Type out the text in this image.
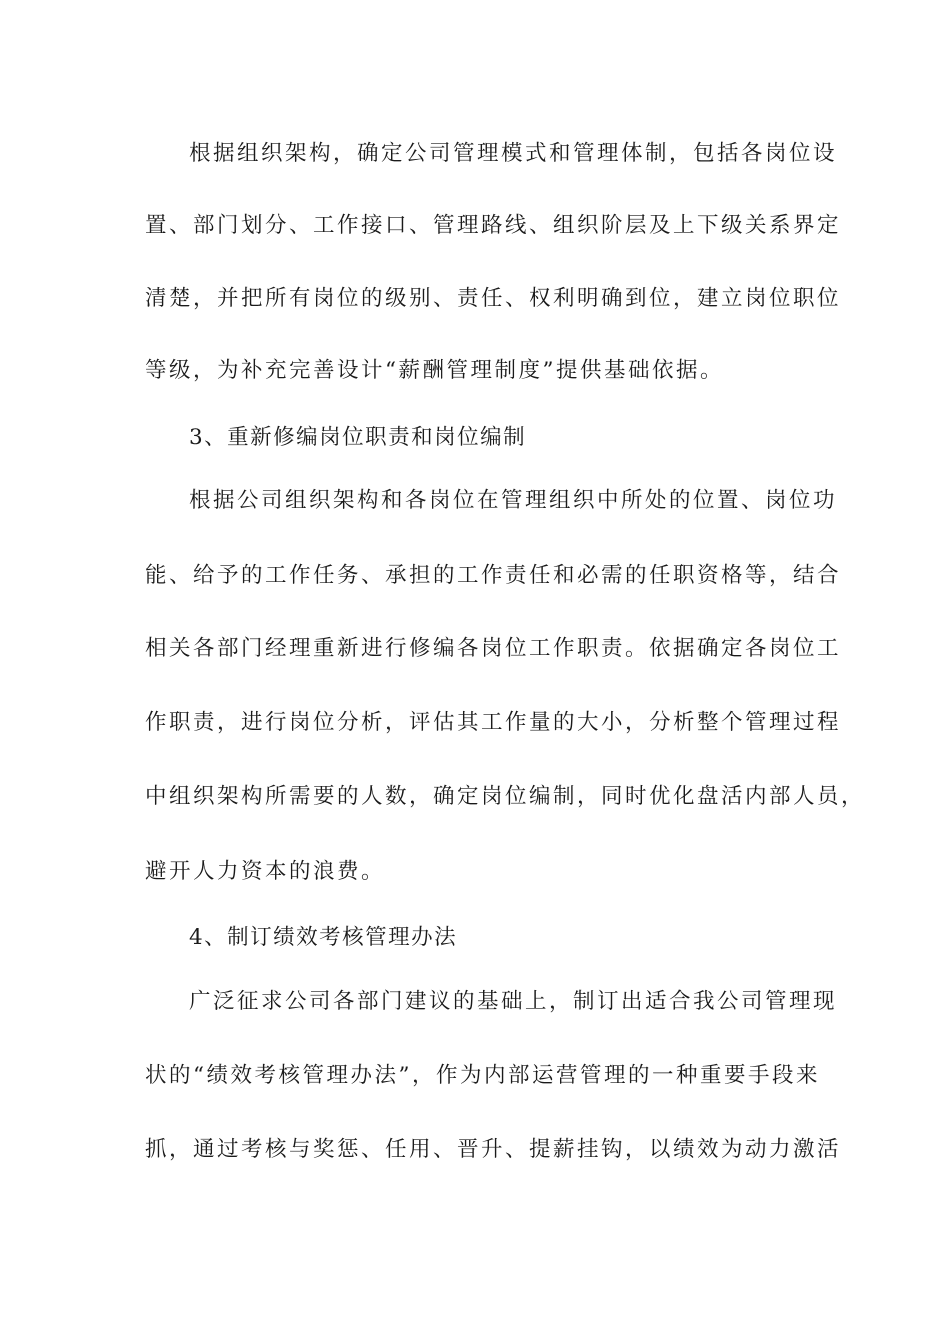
根据组织架构，确定公司管理模式和管理体制，包括各岗位设
置、部门划分、工作接口、管理路线、组织阶层及上下级关系界定
清楚，并把所有岗位的级别、责任、权利明确到位，建立岗位职位
等级，为补充完善设计“薪酬管理制度”提供基础依据。
3、重新修编岗位职责和岗位编制
根据公司组织架构和各岗位在管理组织中所处的位置、岗位功
能、给予的工作任务、承担的工作责任和必需的任职资格等，结合
相关各部门经理重新进行修编各岗位工作职责。依据确定各岗位工
作职责，进行岗位分析，评估其工作量的大小，分析整个管理过程
中组织架构所需要的人数，确定岗位编制，同时优化盘活内部人员，
避开人力资本的浪费。
4、制订绩效考核管理办法
广泛征求公司各部门建议的基础上，制订出适合我公司管理现
状的“绩效考核管理办法”，作为内部运营管理的一种重要手段来
抓，通过考核与奖惩、任用、晋升、提薪挂钩，以绩效为动力激活
